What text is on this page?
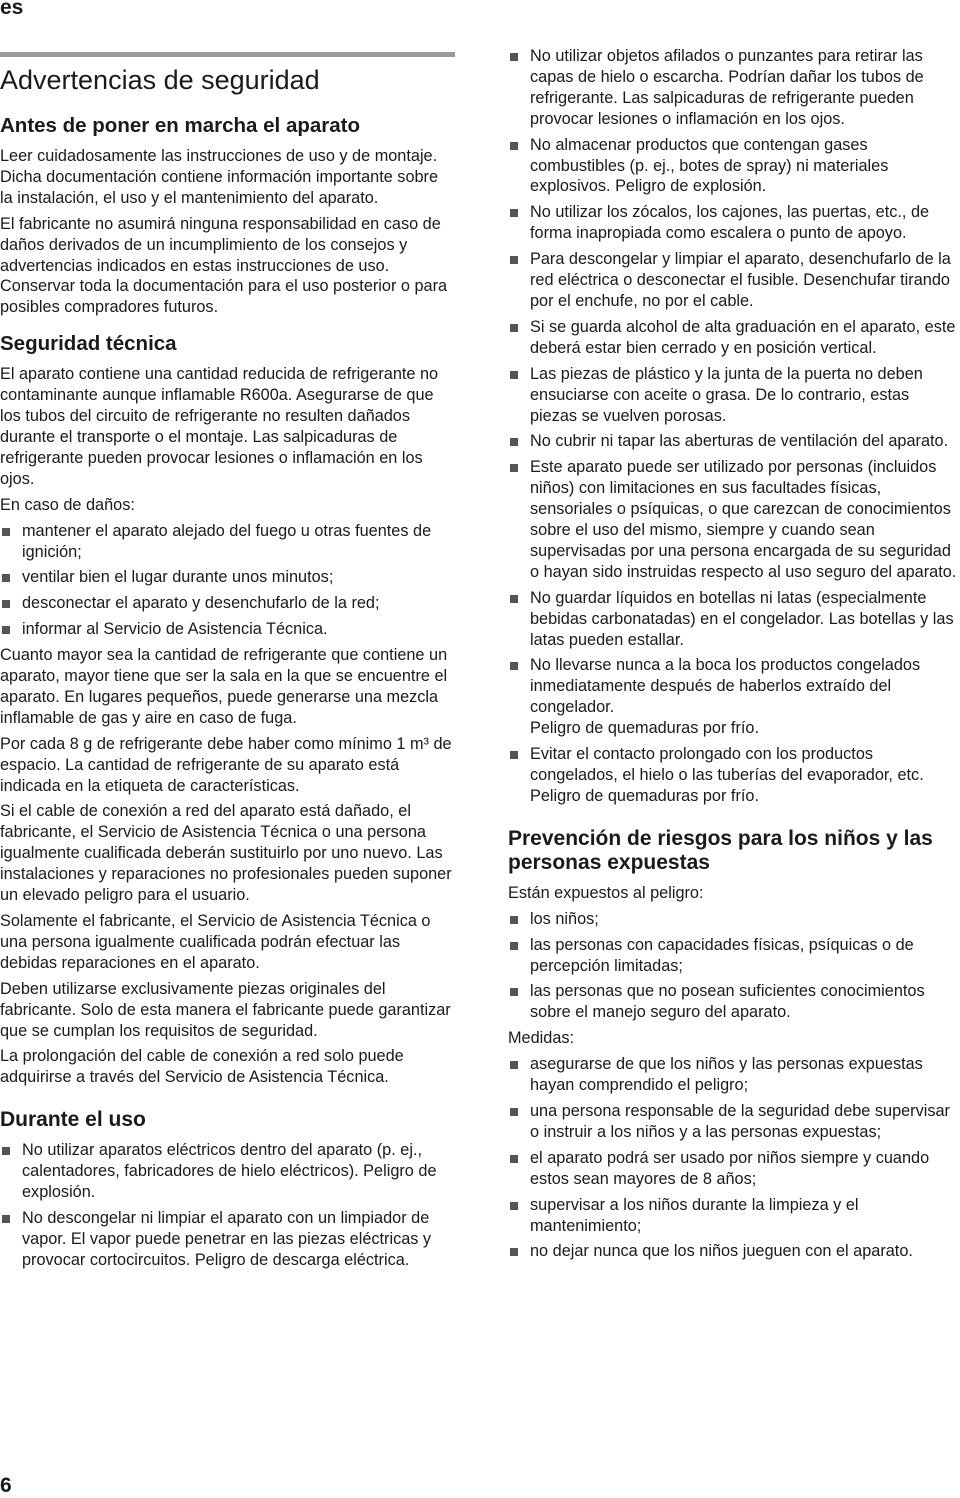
es
Advertencias de seguridad
Antes de poner en marcha el aparato

Leer cuidadosamente las instrucciones de uso y de montaje. Dicha documentación contiene información importante sobre la instalación, el uso y el mantenimiento del aparato.

El fabricante no asumirá ninguna responsabilidad en caso de daños derivados de un incumplimiento de los consejos y advertencias indicados en estas instrucciones de uso. Conservar toda la documentación para el uso posterior o para posibles compradores futuros.

Seguridad técnica

El aparato contiene una cantidad reducida de refrigerante no contaminante aunque inflamable R600a. Asegurarse de que los tubos del circuito de refrigerante no resulten dañados durante el transporte o el montaje. Las salpicaduras de refrigerante pueden provocar lesiones o inflamación en los ojos.

En caso de daños:

mantener el aparato alejado del fuego u otras fuentes de ignición;
ventilar bien el lugar durante unos minutos;
desconectar el aparato y desenchufarlo de la red;
informar al Servicio de Asistencia Técnica.

Cuanto mayor sea la cantidad de refrigerante que contiene un aparato, mayor tiene que ser la sala en la que se encuentre el aparato. En lugares pequeños, puede generarse una mezcla inflamable de gas y aire en caso de fuga.

Por cada 8 g de refrigerante debe haber como mínimo 1 m³ de espacio. La cantidad de refrigerante de su aparato está indicada en la etiqueta de características.

Si el cable de conexión a red del aparato está dañado, el fabricante, el Servicio de Asistencia Técnica o una persona igualmente cualificada deberán sustituirlo por uno nuevo. Las instalaciones y reparaciones no profesionales pueden suponer un elevado peligro para el usuario.

Solamente el fabricante, el Servicio de Asistencia Técnica o una persona igualmente cualificada podrán efectuar las debidas reparaciones en el aparato.

Deben utilizarse exclusivamente piezas originales del fabricante. Solo de esta manera el fabricante puede garantizar que se cumplan los requisitos de seguridad.

La prolongación del cable de conexión a red solo puede adquirirse a través del Servicio de Asistencia Técnica.

Durante el uso
No utilizar aparatos eléctricos dentro del aparato (p. ej., calentadores, fabricadores de hielo eléctricos). Peligro de explosión.
No descongelar ni limpiar el aparato con un limpiador de vapor. El vapor puede penetrar en las piezas eléctricas y provocar cortocircuitos. Peligro de descarga eléctrica.
No utilizar objetos afilados o punzantes para retirar las capas de hielo o escarcha. Podrían dañar los tubos de refrigerante. Las salpicaduras de refrigerante pueden provocar lesiones o inflamación en los ojos.
No almacenar productos que contengan gases combustibles (p. ej., botes de spray) ni materiales explosivos. Peligro de explosión.
No utilizar los zócalos, los cajones, las puertas, etc., de forma inapropiada como escalera o punto de apoyo.
Para descongelar y limpiar el aparato, desenchufarlo de la red eléctrica o desconectar el fusible. Desenchufar tirando por el enchufe, no por el cable.
Si se guarda alcohol de alta graduación en el aparato, este deberá estar bien cerrado y en posición vertical.
Las piezas de plástico y la junta de la puerta no deben ensuciarse con aceite o grasa. De lo contrario, estas piezas se vuelven porosas.
No cubrir ni tapar las aberturas de ventilación del aparato.
Este aparato puede ser utilizado por personas (incluidos niños) con limitaciones en sus facultades físicas, sensoriales o psíquicas, o que carezcan de conocimientos sobre el uso del mismo, siempre y cuando sean supervisadas por una persona encargada de su seguridad o hayan sido instruidas respecto al uso seguro del aparato.
No guardar líquidos en botellas ni latas (especialmente bebidas carbonatadas) en el congelador. Las botellas y las latas pueden estallar.
No llevarse nunca a la boca los productos congelados inmediatamente después de haberlos extraído del congelador.
Peligro de quemaduras por frío.
Evitar el contacto prolongado con los productos congelados, el hielo o las tuberías del evaporador, etc.
Peligro de quemaduras por frío.
Prevención de riesgos para los niños y las personas expuestas

Están expuestos al peligro:

los niños;
las personas con capacidades físicas, psíquicas o de percepción limitadas;
las personas que no posean suficientes conocimientos sobre el manejo seguro del aparato.

Medidas:

asegurarse de que los niños y las personas expuestas hayan comprendido el peligro;
una persona responsable de la seguridad debe supervisar o instruir a los niños y a las personas expuestas;
el aparato podrá ser usado por niños siempre y cuando estos sean mayores de 8 años;
supervisar a los niños durante la limpieza y el mantenimiento;
no dejar nunca que los niños jueguen con el aparato.
6
